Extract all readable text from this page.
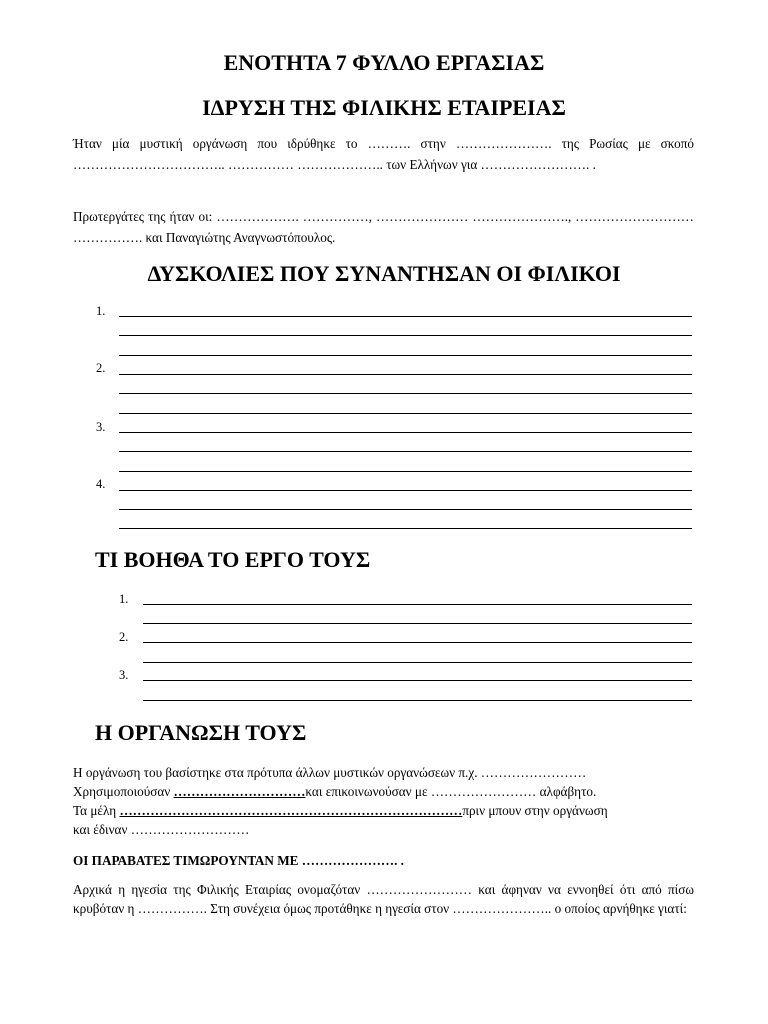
ΕΝΟΤΗΤΑ 7 ΦΥΛΛΟ ΕΡΓΑΣΙΑΣ
ΙΔΡΥΣΗ ΤΗΣ ΦΙΛΙΚΗΣ ΕΤΑΙΡΕΙΑΣ
Ήταν μία μυστική οργάνωση που ιδρύθηκε το ………. στην …………………. της Ρωσίας με σκοπό …………………………….. …………… ……………….. των Ελλήνων για ……………………. .
Πρωτεργάτες της ήταν οι: ………………. ……………, ………………… …………………., ……………………… ……………. και Παναγιώτης Αναγνωστόπουλος.
ΔΥΣΚΟΛΙΕΣ ΠΟΥ ΣΥΝΑΝΤΗΣΑΝ ΟΙ ΦΙΛΙΚΟΙ
1.
2.
3.
4.
ΤΙ ΒΟΗΘΑ ΤΟ ΕΡΓΟ ΤΟΥΣ
1.
2.
3.
Η ΟΡΓΑΝΩΣΗ ΤΟΥΣ
Η οργάνωση του βασίστηκε στα πρότυπα άλλων μυστικών οργανώσεων π.χ. ……………………
Χρησιμοποιούσαν …………………………και επικοινωνούσαν με …………………… αλφάβητο.
Τα μέλη ……………………………………………………………………πριν μπουν στην οργάνωση
και έδιναν ………………………
ΟΙ ΠΑΡΑΒΑΤΕΣ ΤΙΜΩΡΟΥΝΤΑΝ ΜΕ …………………. .
Αρχικά η ηγεσία της Φιλικής Εταιρίας ονομαζόταν …………………… και άφηναν να εννοηθεί ότι από πίσω κρυβόταν η ……………. Στη συνέχεια όμως προτάθηκε η ηγεσία στον ………………….. ο οποίος αρνήθηκε γιατί:
